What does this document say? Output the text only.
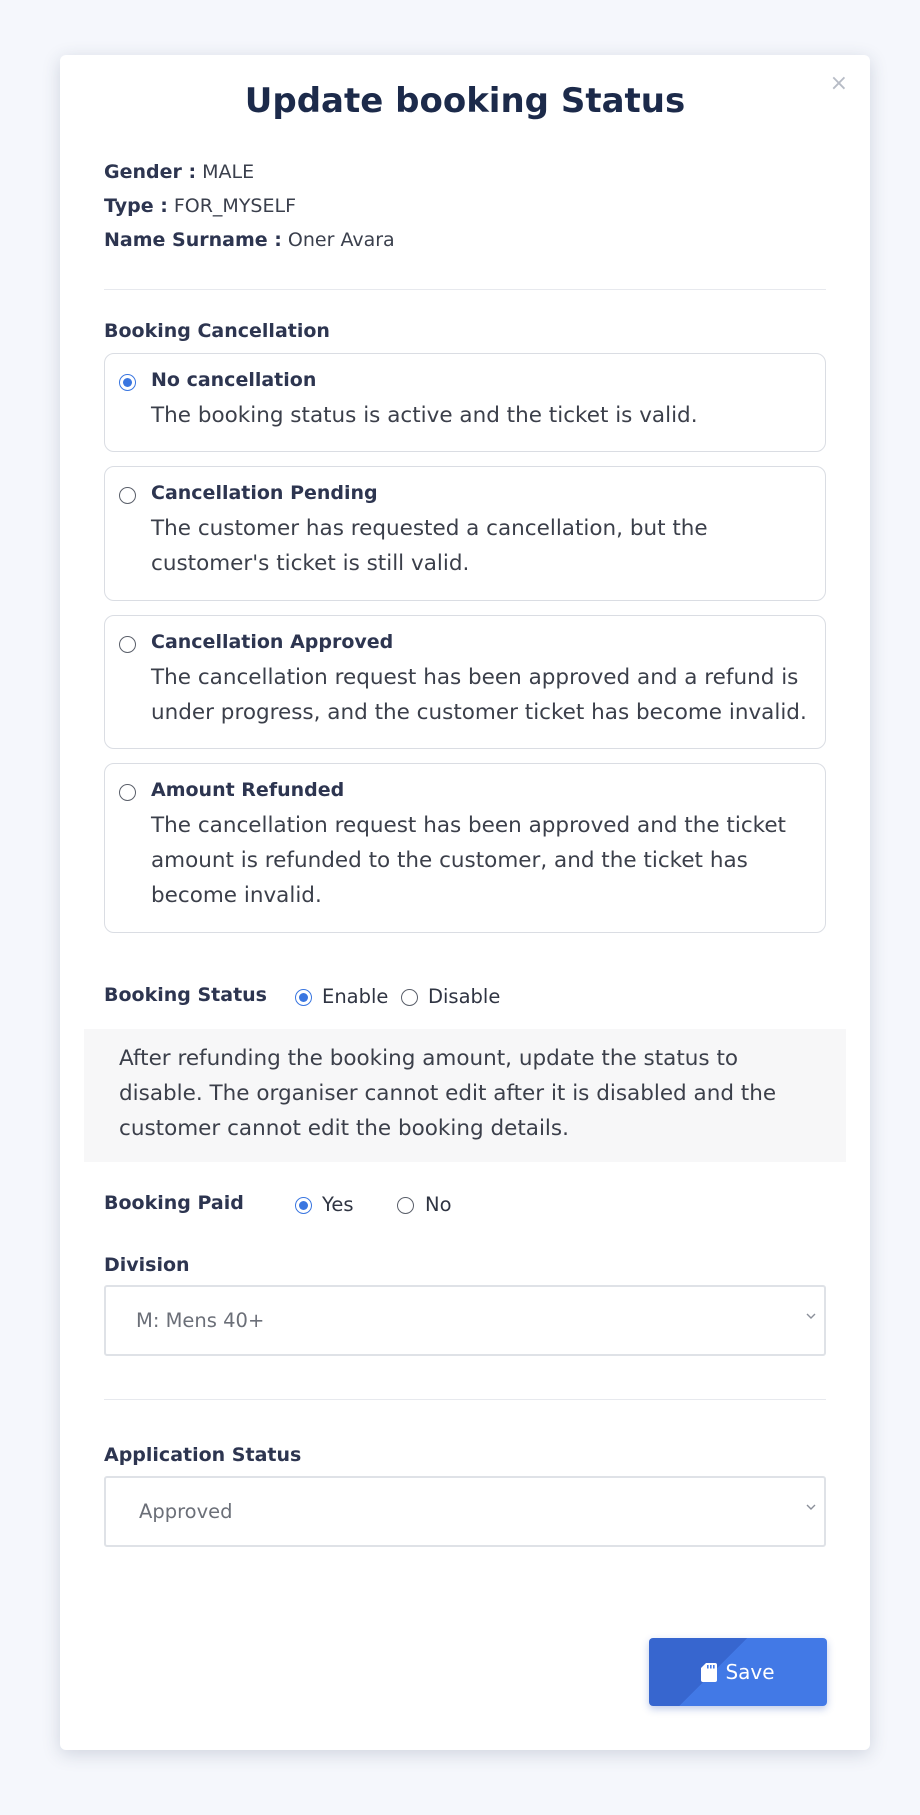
×
Update booking Status
Gender : MALE
Type : FOR_MYSELF
Name Surname : Oner Avara
Booking Cancellation
No cancellation
The booking status is active and the ticket is valid.
Cancellation Pending
The customer has requested a cancellation, but the customer's ticket is still valid.
Cancellation Approved
The cancellation request has been approved and a refund is under progress, and the customer ticket has become invalid.
Amount Refunded
The cancellation request has been approved and the ticket amount is refunded to the customer, and the ticket has become invalid.
Booking Status	Enable Disable
After refunding the booking amount, update the status to disable. The organiser cannot edit after it is disabled and the customer cannot edit the booking details.
Booking Paid	Yes	No
Division
M: Mens 40+
Application Status
Approved
Save
